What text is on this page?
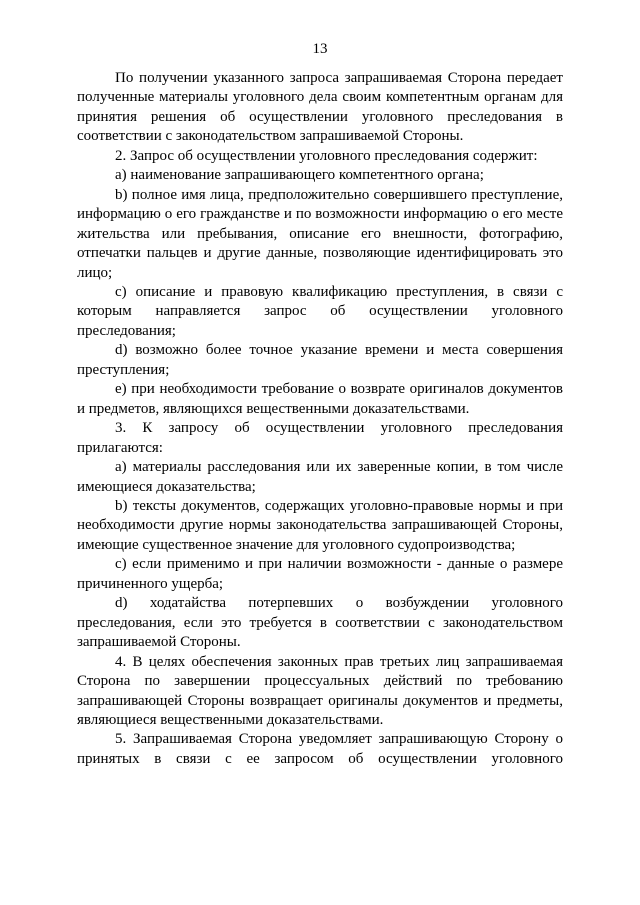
13

По получении указанного запроса запрашиваемая Сторона передает полученные материалы уголовного дела своим компетентным органам для принятия решения об осуществлении уголовного преследования в соответствии с законодательством запрашиваемой Стороны.

2. Запрос об осуществлении уголовного преследования содержит:

a) наименование запрашивающего компетентного органа;

b) полное имя лица, предположительно совершившего преступление, информацию о его гражданстве и по возможности информацию о его месте жительства или пребывания, описание его внешности, фотографию, отпечатки пальцев и другие данные, позволяющие идентифицировать это лицо;

c) описание и правовую квалификацию преступления, в связи с которым направляется запрос об осуществлении уголовного преследования;

d) возможно более точное указание времени и места совершения преступления;

e) при необходимости требование о возврате оригиналов документов и предметов, являющихся вещественными доказательствами.

3. К запросу об осуществлении уголовного преследования прилагаются:

a) материалы расследования или их заверенные копии, в том числе имеющиеся доказательства;

b) тексты документов, содержащих уголовно-правовые нормы и при необходимости другие нормы законодательства запрашивающей Стороны, имеющие существенное значение для уголовного судопроизводства;

c) если применимо и при наличии возможности - данные о размере причиненного ущерба;

d) ходатайства потерпевших о возбуждении уголовного преследования, если это требуется в соответствии с законодательством запрашиваемой Стороны.

4. В целях обеспечения законных прав третьих лиц запрашиваемая Сторона по завершении процессуальных действий по требованию запрашивающей Стороны возвращает оригиналы документов и предметы, являющиеся вещественными доказательствами.

5. Запрашиваемая Сторона уведомляет запрашивающую Сторону о принятых в связи с ее запросом об осуществлении уголовного
